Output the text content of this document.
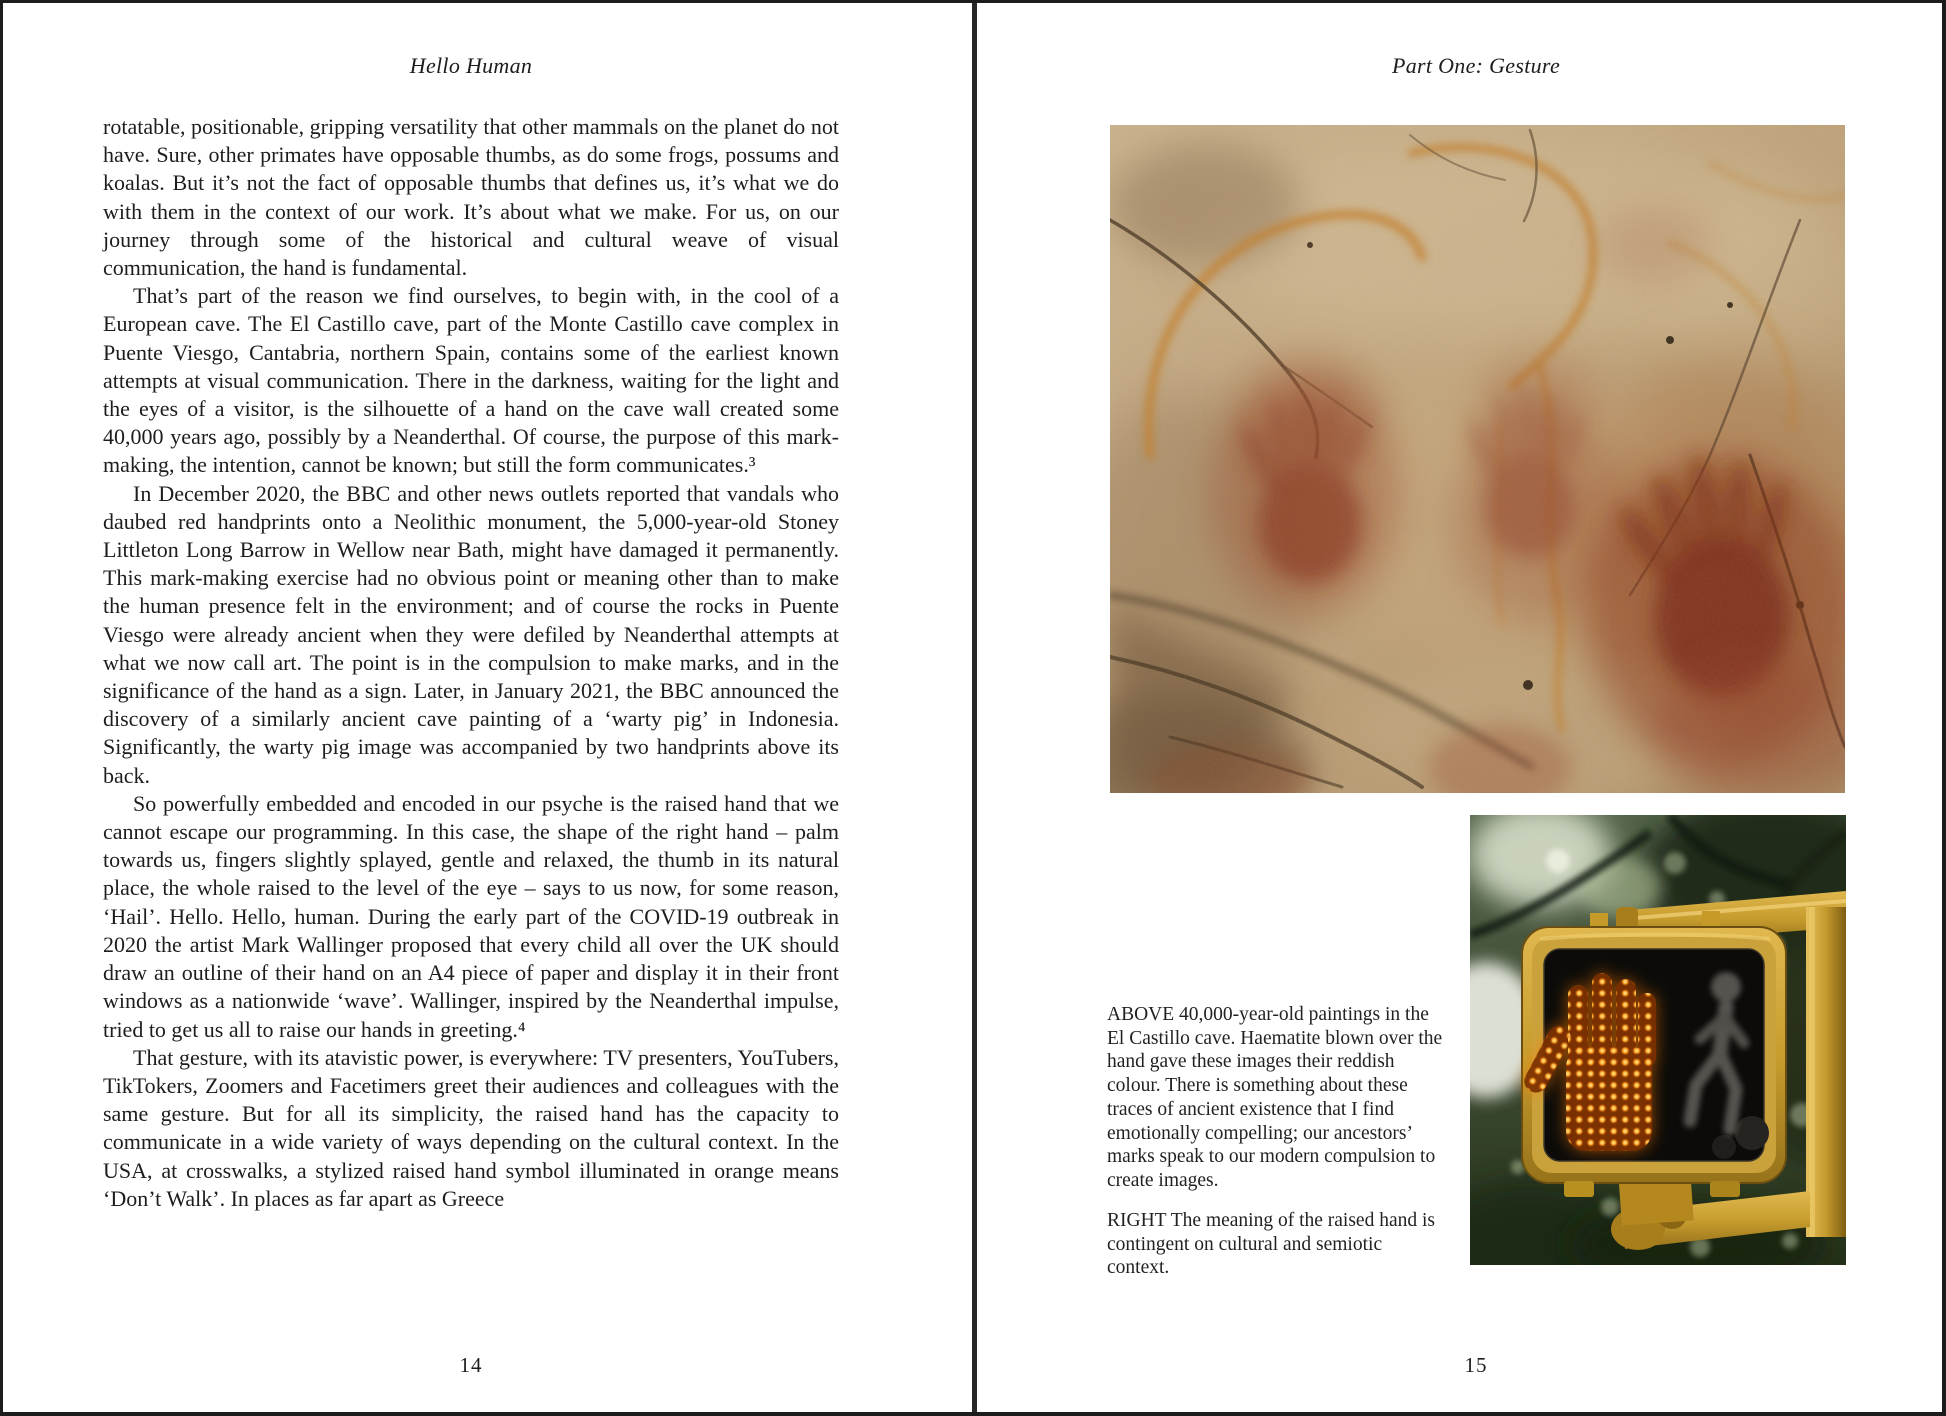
Hello Human

rotatable, positionable, gripping versatility that other mammals on the planet do not have. Sure, other primates have opposable thumbs, as do some frogs, possums and koalas. But it’s not the fact of opposable thumbs that defines us, it’s what we do with them in the context of our work. It’s about what we make. For us, on our journey through some of the historical and cultural weave of visual communication, the hand is fundamental.

That’s part of the reason we find ourselves, to begin with, in the cool of a European cave. The El Castillo cave, part of the Monte Castillo cave complex in Puente Viesgo, Cantabria, northern Spain, contains some of the earliest known attempts at visual communication. There in the darkness, waiting for the light and the eyes of a visitor, is the silhouette of a hand on the cave wall created some 40,000 years ago, possibly by a Neanderthal. Of course, the purpose of this mark-making, the intention, cannot be known; but still the form communicates.³

In December 2020, the BBC and other news outlets reported that vandals who daubed red handprints onto a Neolithic monument, the 5,000-year-old Stoney Littleton Long Barrow in Wellow near Bath, might have damaged it permanently. This mark-making exercise had no obvious point or meaning other than to make the human presence felt in the environment; and of course the rocks in Puente Viesgo were already ancient when they were defiled by Neanderthal attempts at what we now call art. The point is in the compulsion to make marks, and in the significance of the hand as a sign. Later, in January 2021, the BBC announced the discovery of a similarly ancient cave painting of a ‘warty pig’ in Indonesia. Significantly, the warty pig image was accompanied by two handprints above its back.

So powerfully embedded and encoded in our psyche is the raised hand that we cannot escape our programming. In this case, the shape of the right hand – palm towards us, fingers slightly splayed, gentle and relaxed, the thumb in its natural place, the whole raised to the level of the eye – says to us now, for some reason, ‘Hail’. Hello. Hello, human. During the early part of the COVID-19 outbreak in 2020 the artist Mark Wallinger proposed that every child all over the UK should draw an outline of their hand on an A4 piece of paper and display it in their front windows as a nationwide ‘wave’. Wallinger, inspired by the Neanderthal impulse, tried to get us all to raise our hands in greeting.⁴

That gesture, with its atavistic power, is everywhere: TV presenters, YouTubers, TikTokers, Zoomers and Facetimers greet their audiences and colleagues with the same gesture. But for all its simplicity, the raised hand has the capacity to communicate in a wide variety of ways depending on the cultural context. In the USA, at crosswalks, a stylized raised hand symbol illuminated in orange means ‘Don’t Walk’. In places as far apart as Greece

14
Part One: Gesture
ABOVE 40,000-year-old paintings in the El Castillo cave. Haematite blown over the hand gave these images their reddish colour. There is something about these traces of ancient existence that I find emotionally compelling; our ancestors’ marks speak to our modern compulsion to create images.
RIGHT The meaning of the raised hand is contingent on cultural and semiotic context.
15
